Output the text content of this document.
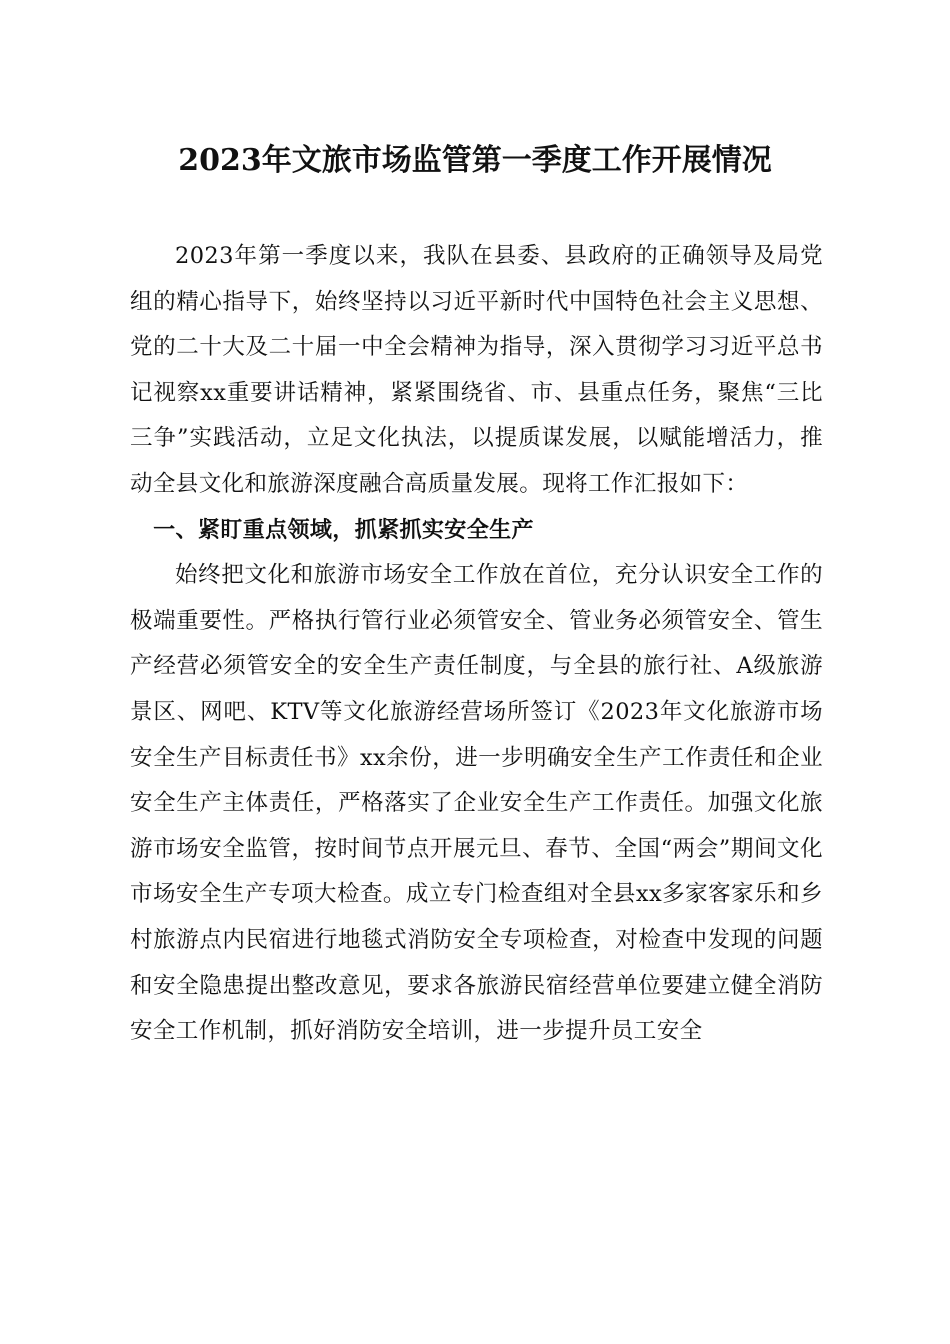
2023年文旅市场监管第一季度工作开展情况

2023年第一季度以来，我队在县委、县政府的正确领导及局党组的精心指导下，始终坚持以习近平新时代中国特色社会主义思想、党的二十大及二十届一中全会精神为指导，深入贯彻学习习近平总书记视察xx重要讲话精神，紧紧围绕省、市、县重点任务，聚焦“三比三争”实践活动，立足文化执法，以提质谋发展，以赋能增活力，推动全县文化和旅游深度融合高质量发展。现将工作汇报如下：

一、紧盯重点领域，抓紧抓实安全生产

始终把文化和旅游市场安全工作放在首位，充分认识安全工作的极端重要性。严格执行管行业必须管安全、管业务必须管安全、管生产经营必须管安全的安全生产责任制度，与全县的旅行社、A级旅游景区、网吧、KTV等文化旅游经营场所签订《2023年文化旅游市场安全生产目标责任书》xx余份，进一步明确安全生产工作责任和企业安全生产主体责任，严格落实了企业安全生产工作责任。加强文化旅游市场安全监管，按时间节点开展元旦、春节、全国“两会”期间文化市场安全生产专项大检查。成立专门检查组对全县xx多家客家乐和乡村旅游点内民宿进行地毯式消防安全专项检查，对检查中发现的问题和安全隐患提出整改意见，要求各旅游民宿经营单位要建立健全消防安全工作机制，抓好消防安全培训，进一步提升员工安全
